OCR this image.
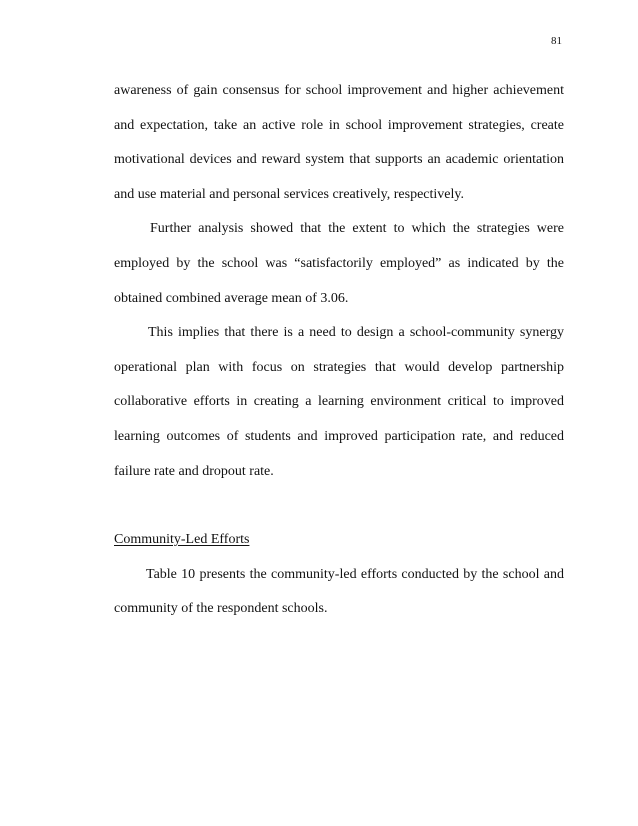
81

awareness of gain consensus for school improvement and higher achievement and expectation, take an active role in school improvement strategies, create motivational devices and reward system that supports an academic orientation and use material and personal services creatively, respectively.

Further analysis showed that the extent to which the strategies were employed by the school was “satisfactorily employed” as indicated by the obtained combined average mean of 3.06.

This implies that there is a need to design a school-community synergy operational plan with focus on strategies that would develop partnership collaborative efforts in creating a learning environment critical to improved learning outcomes of students and improved participation rate, and reduced failure rate and dropout rate.

Community-Led Efforts

Table 10 presents the community-led efforts conducted by the school and community of the respondent schools.
